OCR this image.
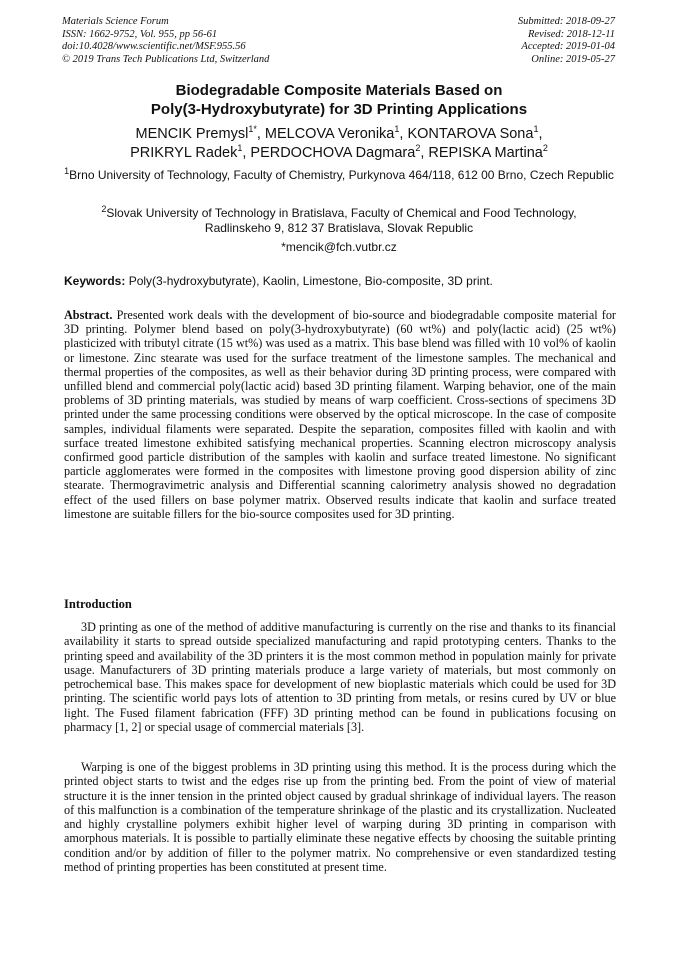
Materials Science Forum
ISSN: 1662-9752, Vol. 955, pp 56-61
doi:10.4028/www.scientific.net/MSF.955.56
© 2019 Trans Tech Publications Ltd, Switzerland
Submitted: 2018-09-27
Revised: 2018-12-11
Accepted: 2019-01-04
Online: 2019-05-27
Biodegradable Composite Materials Based on
Poly(3-Hydroxybutyrate) for 3D Printing Applications
MENCIK Premysl$^{1*}$, MELCOVA Veronika$^1$, KONTAROVA Sona$^1$,
PRIKRYL Radek$^1$, PERDOCHOVA Dagmara$^2$, REPISKA Martina$^2$
$^1$Brno University of Technology, Faculty of Chemistry, Purkynova 464/118, 612 00 Brno, Czech Republic
$^2$Slovak University of Technology in Bratislava, Faculty of Chemical and Food Technology,
Radlinskeho 9, 812 37 Bratislava, Slovak Republic
*mencik@fch.vutbr.cz
Keywords: Poly(3-hydroxybutyrate), Kaolin, Limestone, Bio-composite, 3D print.
Abstract. Presented work deals with the development of bio-source and biodegradable composite material for 3D printing. Polymer blend based on poly(3-hydroxybutyrate) (60 wt%) and poly(lactic acid) (25 wt%) plasticized with tributyl citrate (15 wt%) was used as a matrix. This base blend was filled with 10 vol% of kaolin or limestone. Zinc stearate was used for the surface treatment of the limestone samples. The mechanical and thermal properties of the composites, as well as their behavior during 3D printing process, were compared with unfilled blend and commercial poly(lactic acid) based 3D printing filament. Warping behavior, one of the main problems of 3D printing materials, was studied by means of warp coefficient. Cross-sections of specimens 3D printed under the same processing conditions were observed by the optical microscope. In the case of composite samples, individual filaments were separated. Despite the separation, composites filled with kaolin and with surface treated limestone exhibited satisfying mechanical properties. Scanning electron microscopy analysis confirmed good particle distribution of the samples with kaolin and surface treated limestone. No significant particle agglomerates were formed in the composites with limestone proving good dispersion ability of zinc stearate. Thermogravimetric analysis and Differential scanning calorimetry analysis showed no degradation effect of the used fillers on base polymer matrix. Observed results indicate that kaolin and surface treated limestone are suitable fillers for the bio-source composites used for 3D printing.
Introduction

3D printing as one of the method of additive manufacturing is currently on the rise and thanks to its financial availability it starts to spread outside specialized manufacturing and rapid prototyping centers. Thanks to the printing speed and availability of the 3D printers it is the most common method in population mainly for private usage. Manufacturers of 3D printing materials produce a large variety of materials, but most commonly on petrochemical base. This makes space for development of new bioplastic materials which could be used for 3D printing. The scientific world pays lots of attention to 3D printing from metals, or resins cured by UV or blue light. The Fused filament fabrication (FFF) 3D printing method can be found in publications focusing on pharmacy [1, 2] or special usage of commercial materials [3].

Warping is one of the biggest problems in 3D printing using this method. It is the process during which the printed object starts to twist and the edges rise up from the printing bed. From the point of view of material structure it is the inner tension in the printed object caused by gradual shrinkage of individual layers. The reason of this malfunction is a combination of the temperature shrinkage of the plastic and its crystallization. Nucleated and highly crystalline polymers exhibit higher level of warping during 3D printing in comparison with amorphous materials. It is possible to partially eliminate these negative effects by choosing the suitable printing condition and/or by addition of filler to the polymer matrix. No comprehensive or even standardized testing method of printing properties has been constituted at present time.
